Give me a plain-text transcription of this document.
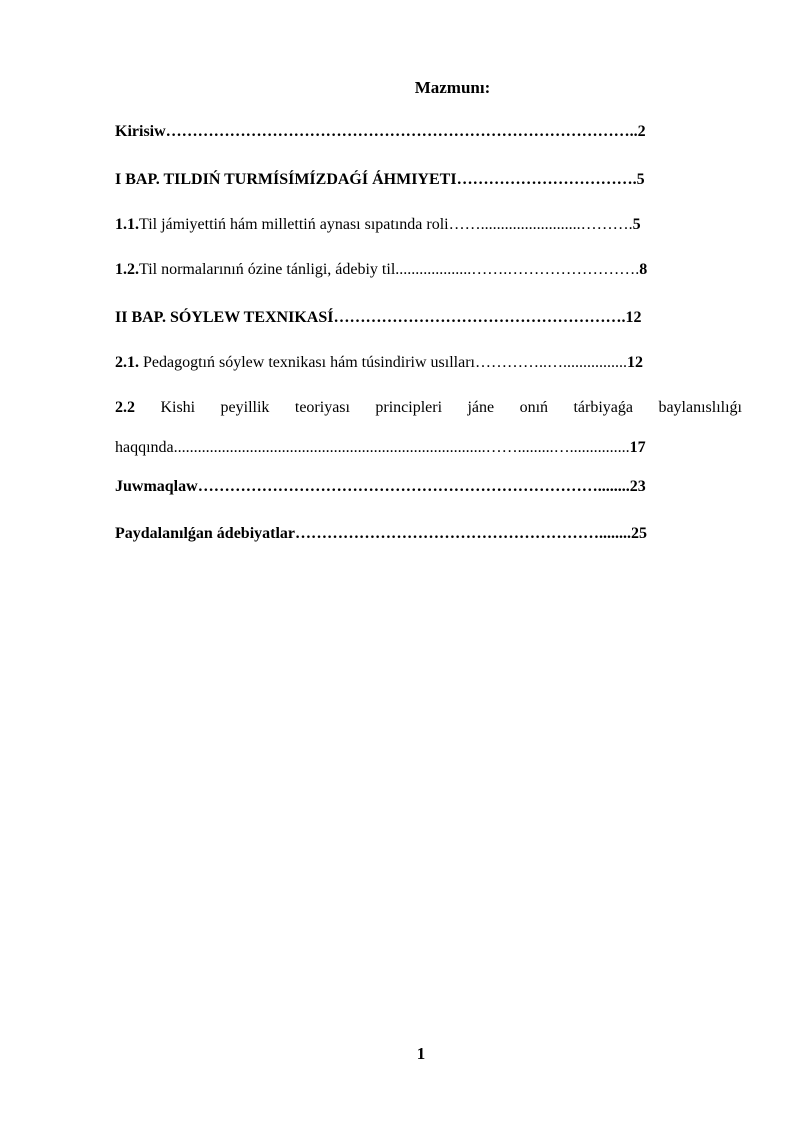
Mazmunı:
Kirisiw……………………………………………………………………………..2
I BAP. TILDIŃ TURMÍSÍMÍZDAǴÍ ÁHMIYETI…………………………….5
1.1.Til jámiyettiń hám millettiń aynası sıpatında roli…….........................……….5
1.2.Til normalarınıń ózine tánligi, ádebiy til...................…….…………………….8
II BAP. SÓYLEW TEXNIKASÍ……………………………………………….12
2.1. Pedagogtıń sóylew texnikası hám túsindiriw usılları…………..…................12
2.2 Kishi peyillik teoriyası principleri jáne onıń tárbiyaǵa baylanıslılıǵı
haqqında..............................................................................…….........…...............17
Juwmaqlaw…………………………………………………………………........23
Paydalanılǵan ádebiyatlar…………………………………………………........25
1
